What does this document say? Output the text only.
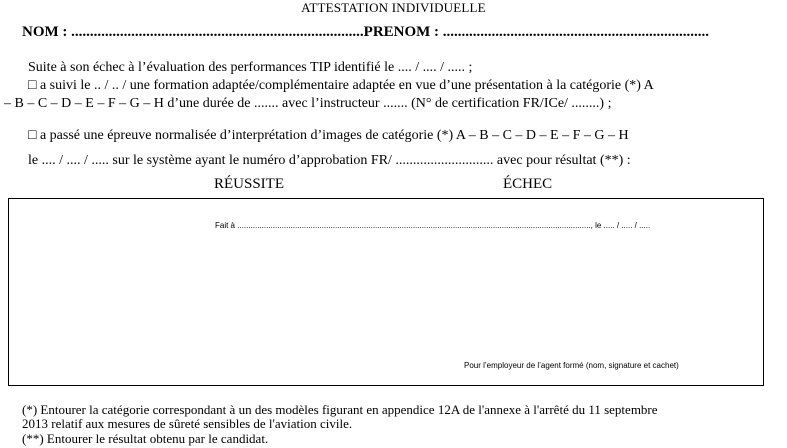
ATTESTATION INDIVIDUELLE
NOM : ..............................................................................PRENOM : .......................................................................
Suite à son échec à l’évaluation des performances TIP identifié le .... / .... / ..... ;
□ a suivi le .. / .. / une formation adaptée/complémentaire adaptée en vue d’une présentation à la catégorie (*) A
– B – C – D – E – F – G – H d’une durée de ....... avec l’instructeur ....... (N° de certification FR/ICe/ ........) ;
□ a passé une épreuve normalisée d’interprétation d’images de catégorie (*) A – B – C – D – E – F – G – H
le .... / .... / ..... sur le système ayant le numéro d’approbation FR/ ............................ avec pour résultat (**) :
RÉUSSITE	ÉCHEC
Fait à ..............................................................................................................................................................., le ..... / ..... / .....
Pour l’employeur de l’agent formé (nom, signature et cachet)
(*) Entourer la catégorie correspondant à un des modèles figurant en appendice 12A de l'annexe à l'arrêté du 11 septembre
2013 relatif aux mesures de sûreté sensibles de l'aviation civile.
(**) Entourer le résultat obtenu par le candidat.
